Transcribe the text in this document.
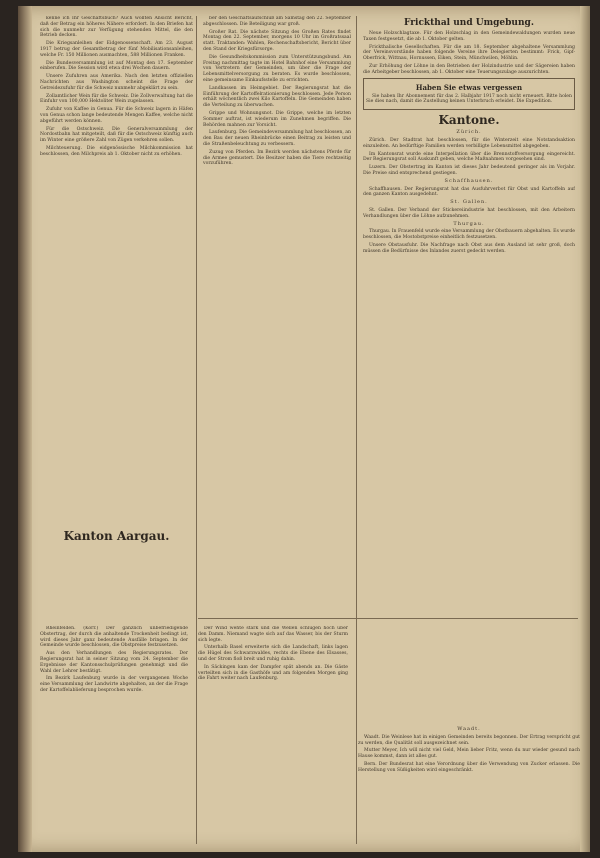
kenne ich Ihr Geschäftsbuch? Auch wollten Ansicht Bericht, daß der Betrag ein höheres Nähere erfordert. In den Briefen hat sich die nunmehr zur Verfügung stehenden Mittel, die den Betrieb decken.

Die Kriegsanleihen der Eidgenossenschaft. Am 23. August 1917 betrug der Gesamtbetrag der fünf Mobilisationsanleihen, welche Fr. 150 Millionen ausmachten, 588 Millionen Franken.

Die Bundesversammlung ist auf Montag den 17. September einberufen. Die Session wird etwa drei Wochen dauern.

Unsere Zufuhren aus Amerika. Nach den letzten offiziellen Nachrichten aus Washington scheint die Frage der Getreidezufuhr für die Schweiz nunmehr abgeklärt zu sein.

Zollamtlicher Wein für die Schweiz. Die Zollverwaltung hat die Einfuhr von 100,000 Hektoliter Wein zugelassen.

Zufuhr von Kaffee in Genua. Für die Schweiz lagern in Häfen von Genua schon lange bedeutende Mengen Kaffee, welche nicht abgeführt werden können.

Für die Ostschweiz. Die Generalversammlung der Nordostbahn hat mitgeteilt, daß für die Ostschweiz künftig auch im Winter eine größere Zahl von Zügen verkehren sollen.

Milchteuerung. Die eidgenössische Milchkommission hat beschlossen, den Milchpreis ab 1. Oktober nicht zu erhöhen.

Kanton Aargau.

Rheinfelden. (Korr.) Der gänzlich unbefriedigende Obstertrag, der durch die anhaltende Trockenheit bedingt ist, wird dieses Jahr ganz bedeutende Ausfälle bringen. In der Gemeinde wurde beschlossen, die Obstpreise festzusetzen.

Aus den Verhandlungen des Regierungsrates. Der Regierungsrat hat in seiner Sitzung vom 24. September die Ergebnisse der Kantonsschulprüfungen genehmigt und die Wahl der Lehrer bestätigt.

Im Bezirk Laufenburg wurde in der vergangenen Woche eine Versammlung der Landwirte abgehalten, an der die Frage der Kartoffelablieferung besprochen wurde.

ber den Geschäftsaufschluß am Samstag den 22. September abgeschlossen. Die Beteiligung war groß.

Großer Rat. Die nächste Sitzung des Großen Rates findet Montag den 22. September, morgens 10 Uhr im Großratssaal statt. Traktanden: Wahlen, Rechenschaftsbericht, Bericht über den Stand der Kriegsfürsorge.

Die Gesundheitskommission zum Unterstützungsbund. Am Freitag nachmittag tagte im Hotel Bahnhof eine Versammlung von Vertretern der Gemeinden, um über die Frage der Lebensmittelversorgung zu beraten. Es wurde beschlossen, eine gemeinsame Einkaufsstelle zu errichten.

Landkassen im Heimgebiet. Der Regierungsrat hat die Einführung der Kartoffelrationierung beschlossen. Jede Person erhält wöchentlich zwei Kilo Kartoffeln. Die Gemeinden haben die Verteilung zu überwachen.

Grippe und Wohnungsnot. Die Grippe, welche im letzten Sommer auftrat, ist wiederum im Zunehmen begriffen. Die Behörden mahnen zur Vorsicht.

Laufenburg. Die Gemeindeversammlung hat beschlossen, an den Bau der neuen Rheinbrücke einen Beitrag zu leisten und die Straßenbeleuchtung zu verbessern.

Zuzug von Pferden. Im Bezirk werden nächstens Pferde für die Armee gemustert. Die Besitzer haben die Tiere rechtzeitig vorzuführen.

Der Wind wehte stark und die Wellen schlugen hoch über den Damm. Niemand wagte sich auf das Wasser, bis der Sturm sich legte.

Unterhalb Basel erweiterte sich die Landschaft, links lagen die Hügel des Schwarzwaldes, rechts die Ebene des Elsasses, und der Strom floß breit und ruhig dahin.

In Säckingen kam der Dampfer spät abends an. Die Gäste verteilten sich in die Gasthöfe und am folgenden Morgen ging die Fahrt weiter nach Laufenburg.

Frickthal und Umgebung.

Neue Holzschlagtaxe. Für den Holzschlag in den Gemeindewaldungen wurden neue Taxen festgesetzt, die ab 1. Oktober gelten.

Frickthalische Gesellschaften. Für die am 18. September abgehaltene Versammlung der Vereinsvorstände haben folgende Vereine ihre Delegierten bestimmt: Frick, Gipf-Oberfrick, Wittnau, Hornussen, Eiken, Stein, Münchwilen, Möhlin.

Zur Erhöhung der Löhne in den Betrieben der Holzindustrie und der Sägereien haben die Arbeitgeber beschlossen, ab 1. Oktober eine Teuerungszulage auszurichten.

Haben Sie etwas vergessen

Sie haben Ihr Abonnement für das 2. Halbjahr 1917 noch nicht erneuert. Bitte holen Sie dies nach, damit die Zustellung keinen Unterbruch erleidet. Die Expedition.

Kantone.
Zürich.

Zürich. Der Stadtrat hat beschlossen, für die Winterzeit eine Notstandsaktion einzuleiten. An bedürftige Familien werden verbilligte Lebensmittel abgegeben.

Im Kantonsrat wurde eine Interpellation über die Brennstoffversorgung eingereicht. Der Regierungsrat soll Auskunft geben, welche Maßnahmen vorgesehen sind.

Luzern. Der Obstertrag im Kanton ist dieses Jahr bedeutend geringer als im Vorjahr. Die Preise sind entsprechend gestiegen.

Schaffhausen.

Schaffhausen. Der Regierungsrat hat das Ausfuhrverbot für Obst und Kartoffeln auf den ganzen Kanton ausgedehnt.

St. Gallen.

St. Gallen. Der Verband der Stickereiindustrie hat beschlossen, mit den Arbeitern Verhandlungen über die Löhne aufzunehmen.

Thurgau.

Thurgau. In Frauenfeld wurde eine Versammlung der Obstbauern abgehalten. Es wurde beschlossen, die Mostobstpreise einheitlich festzusetzen.

Unsere Obstausfuhr. Die Nachfrage nach Obst aus dem Ausland ist sehr groß, doch müssen die Bedürfnisse des Inlandes zuerst gedeckt werden.

Waadt.

Waadt. Die Weinlese hat in einigen Gemeinden bereits begonnen. Der Ertrag verspricht gut zu werden, die Qualität soll ausgezeichnet sein.

Mutter Meyer, Ich will nicht viel Geld, Mein lieber Fritz, wenn du nur wieder gesund nach Hause kommst, dann ist alles gut.

Bern. Der Bundesrat hat eine Verordnung über die Verwendung von Zucker erlassen. Die Herstellung von Süßigkeiten wird eingeschränkt.
